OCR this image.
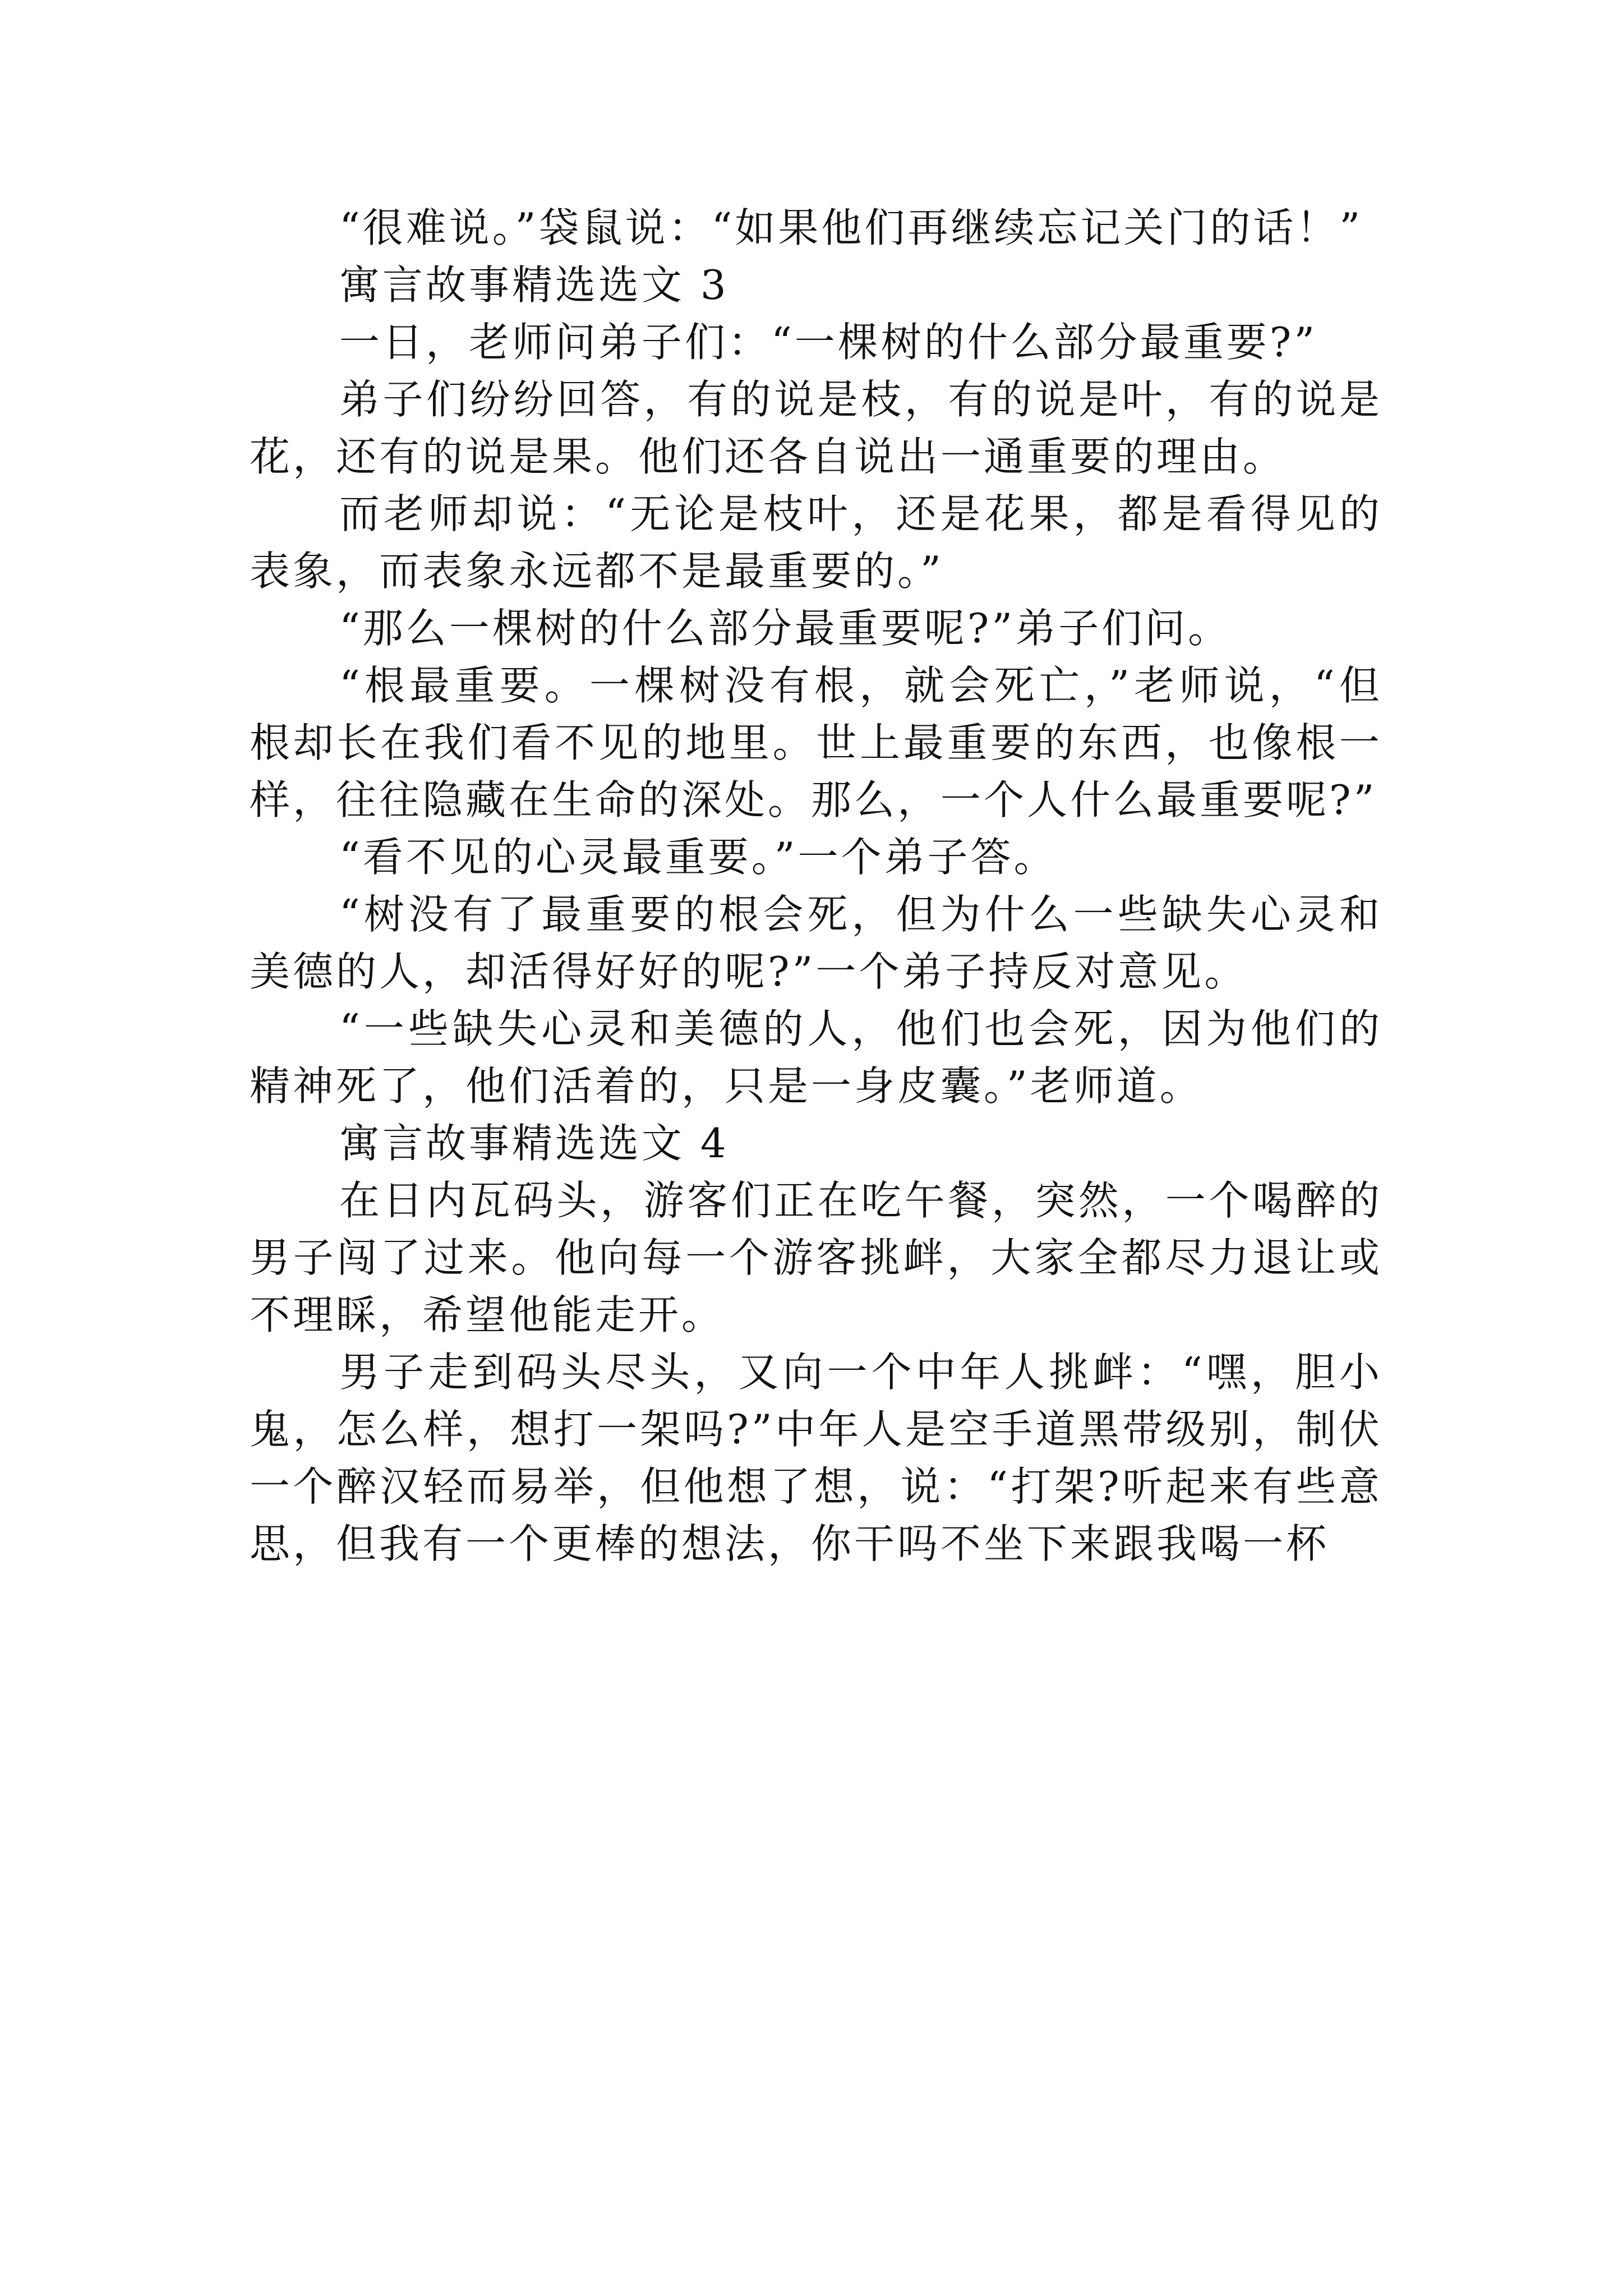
“很难说。”袋鼠说：“如果他们再继续忘记关门的话！”

寓言故事精选选文 3

一日，老师问弟子们：“一棵树的什么部分最重要?”

弟子们纷纷回答，有的说是枝，有的说是叶，有的说是花，还有的说是果。他们还各自说出一通重要的理由。

而老师却说：“无论是枝叶，还是花果，都是看得见的表象，而表象永远都不是最重要的。”

“那么一棵树的什么部分最重要呢?”弟子们问。

“根最重要。一棵树没有根，就会死亡，”老师说，“但根却长在我们看不见的地里。世上最重要的东西，也像根一样，往往隐藏在生命的深处。那么，一个人什么最重要呢?”

“看不见的心灵最重要。”一个弟子答。

“树没有了最重要的根会死，但为什么一些缺失心灵和美德的人，却活得好好的呢?”一个弟子持反对意见。

“一些缺失心灵和美德的人，他们也会死，因为他们的精神死了，他们活着的，只是一身皮囊。”老师道。

寓言故事精选选文 4

在日内瓦码头，游客们正在吃午餐，突然，一个喝醉的男子闯了过来。他向每一个游客挑衅，大家全都尽力退让或不理睬，希望他能走开。

男子走到码头尽头，又向一个中年人挑衅：“嘿，胆小鬼，怎么样，想打一架吗?”中年人是空手道黑带级别，制伏一个醉汉轻而易举，但他想了想，说：“打架?听起来有些意思，但我有一个更棒的想法，你干吗不坐下来跟我喝一杯
